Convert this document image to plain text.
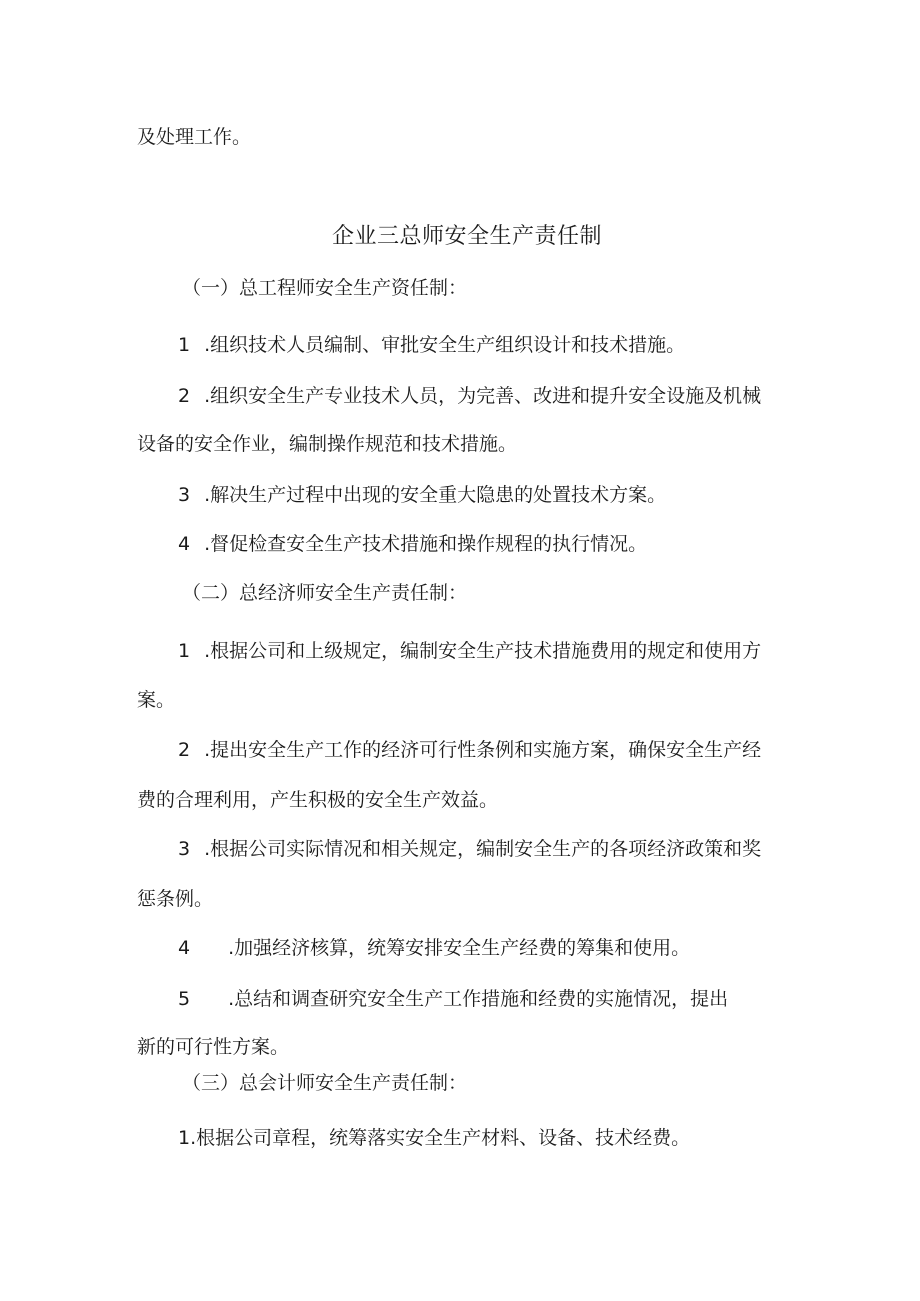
及处理工作。

企业三总师安全生产责任制

（一）总工程师安全生产资任制：

1 .组织技术人员编制、审批安全生产组织设计和技术措施。

2 .组织安全生产专业技术人员，为完善、改进和提升安全设施及机械

设备的安全作业，编制操作规范和技术措施。

3 .解决生产过程中出现的安全重大隐患的处置技术方案。

4 .督促检查安全生产技术措施和操作规程的执行情况。

（二）总经济师安全生产责任制：

1 .根据公司和上级规定，编制安全生产技术措施费用的规定和使用方

案。

2 .提出安全生产工作的经济可行性条例和实施方案，确保安全生产经

费的合理利用，产生积极的安全生产效益。

3 .根据公司实际情况和相关规定，编制安全生产的各项经济政策和奖

惩条例。

4 .加强经济核算，统筹安排安全生产经费的筹集和使用。

5 .总结和调查研究安全生产工作措施和经费的实施情况，提出

新的可行性方案。

（三）总会计师安全生产责任制：

1.根据公司章程，统筹落实安全生产材料、设备、技术经费。
